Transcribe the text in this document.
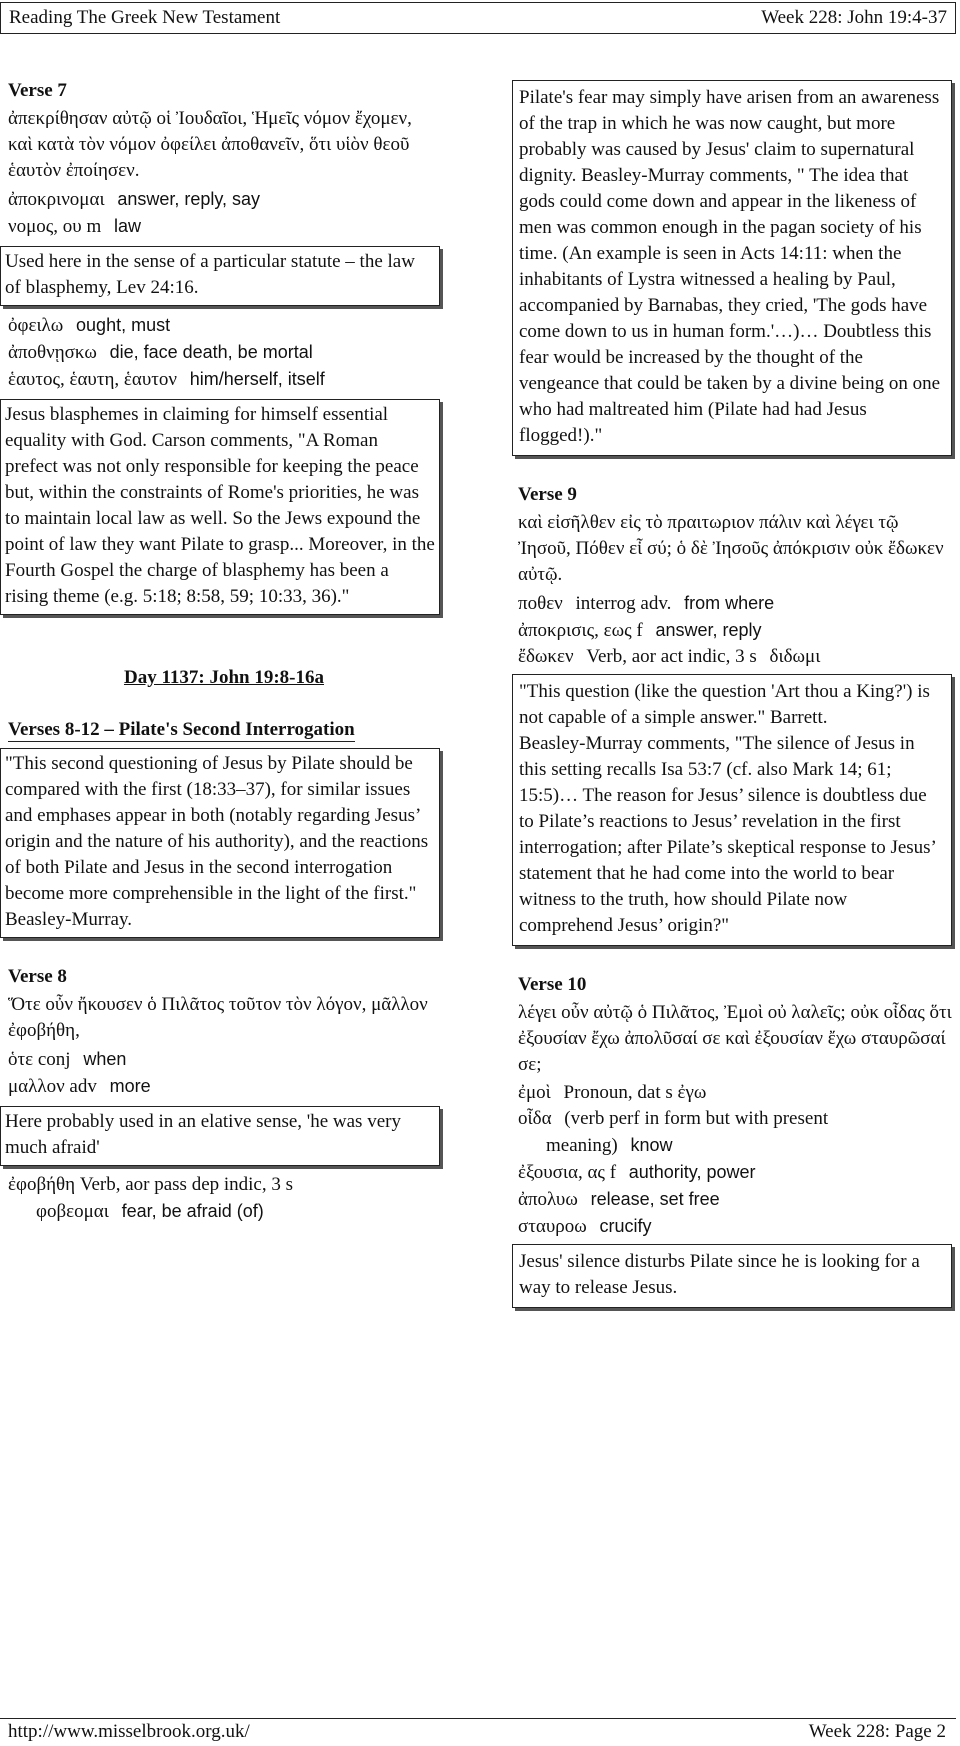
Reading The Greek New Testament	Week 228: John 19:4-37
Verse 7
ἀπεκρίθησαν αὐτῷ οἱ Ἰουδαῖοι, Ἡμεῖς νόμον ἔχομεν, καὶ κατὰ τὸν νόμον ὀφείλει ἀποθανεῖν, ὅτι υἱὸν θεοῦ ἑαυτὸν ἐποίησεν.
ἀποκρινομαι answer, reply, say
νομος, ου m law
Used here in the sense of a particular statute – the law of blasphemy, Lev 24:16.
ὀφειλω ought, must
ἀποθνῃσκω die, face death, be mortal
ἑαυτος, ἑαυτη, ἑαυτον him/herself, itself
Jesus blasphemes in claiming for himself essential equality with God. Carson comments, "A Roman prefect was not only responsible for keeping the peace but, within the constraints of Rome's priorities, he was to maintain local law as well. So the Jews expound the point of law they want Pilate to grasp... Moreover, in the Fourth Gospel the charge of blasphemy has been a rising theme (e.g. 5:18; 8:58, 59; 10:33, 36)."
Day 1137: John 19:8-16a
Verses 8-12 – Pilate's Second Interrogation
"This second questioning of Jesus by Pilate should be compared with the first (18:33–37), for similar issues and emphases appear in both (notably regarding Jesus’ origin and the nature of his authority), and the reactions of both Pilate and Jesus in the second interrogation become more comprehensible in the light of the first." Beasley-Murray.
Verse 8
Ὅτε οὖν ἤκουσεν ὁ Πιλᾶτος τοῦτον τὸν λόγον, μᾶλλον ἐφοβήθη,
ὁτε conj when
μαλλον adv more
Here probably used in an elative sense, 'he was very much afraid'
ἐφοβήθη Verb, aor pass dep indic, 3 s
φοβεομαι fear, be afraid (of)
Pilate's fear may simply have arisen from an awareness of the trap in which he was now caught, but more probably was caused by Jesus' claim to supernatural dignity. Beasley-Murray comments, " The idea that gods could come down and appear in the likeness of men was common enough in the pagan society of his time. (An example is seen in Acts 14:11: when the inhabitants of Lystra witnessed a healing by Paul, accompanied by Barnabas, they cried, 'The gods have come down to us in human form.'…)… Doubtless this fear would be increased by the thought of the vengeance that could be taken by a divine being on one who had maltreated him (Pilate had had Jesus flogged!)."
Verse 9
καὶ εἰσῆλθεν εἰς τὸ πραιτωριον πάλιν καὶ λέγει τῷ Ἰησοῦ, Πόθεν εἶ σύ; ὁ δὲ Ἰησοῦς ἀπόκρισιν οὐκ ἔδωκεν αὐτῷ.
ποθεν interrog adv. from where
ἀποκρισις, εως f answer, reply
ἔδωκεν Verb, aor act indic, 3 s διδωμι
"This question (like the question 'Art thou a King?') is not capable of a simple answer." Barrett.
Beasley-Murray comments, "The silence of Jesus in this setting recalls Isa 53:7 (cf. also Mark 14; 61; 15:5)… The reason for Jesus’ silence is doubtless due to Pilate’s reactions to Jesus’ revelation in the first interrogation; after Pilate’s skeptical response to Jesus’ statement that he had come into the world to bear witness to the truth, how should Pilate now comprehend Jesus’ origin?"
Verse 10
λέγει οὖν αὐτῷ ὁ Πιλᾶτος, Ἐμοὶ οὐ λαλεῖς; οὐκ οἶδας ὅτι ἐξουσίαν ἔχω ἀπολῦσαί σε καὶ ἐξουσίαν ἔχω σταυρῶσαί σε;
ἐμοὶ Pronoun, dat s ἐγω
οἶδα (verb perf in form but with present
meaning) know
ἐξουσια, ας f authority, power
ἀπολυω release, set free
σταυροω crucify
Jesus' silence disturbs Pilate since he is looking for a way to release Jesus.
http://www.misselbrook.org.uk/	Week 228: Page 2
